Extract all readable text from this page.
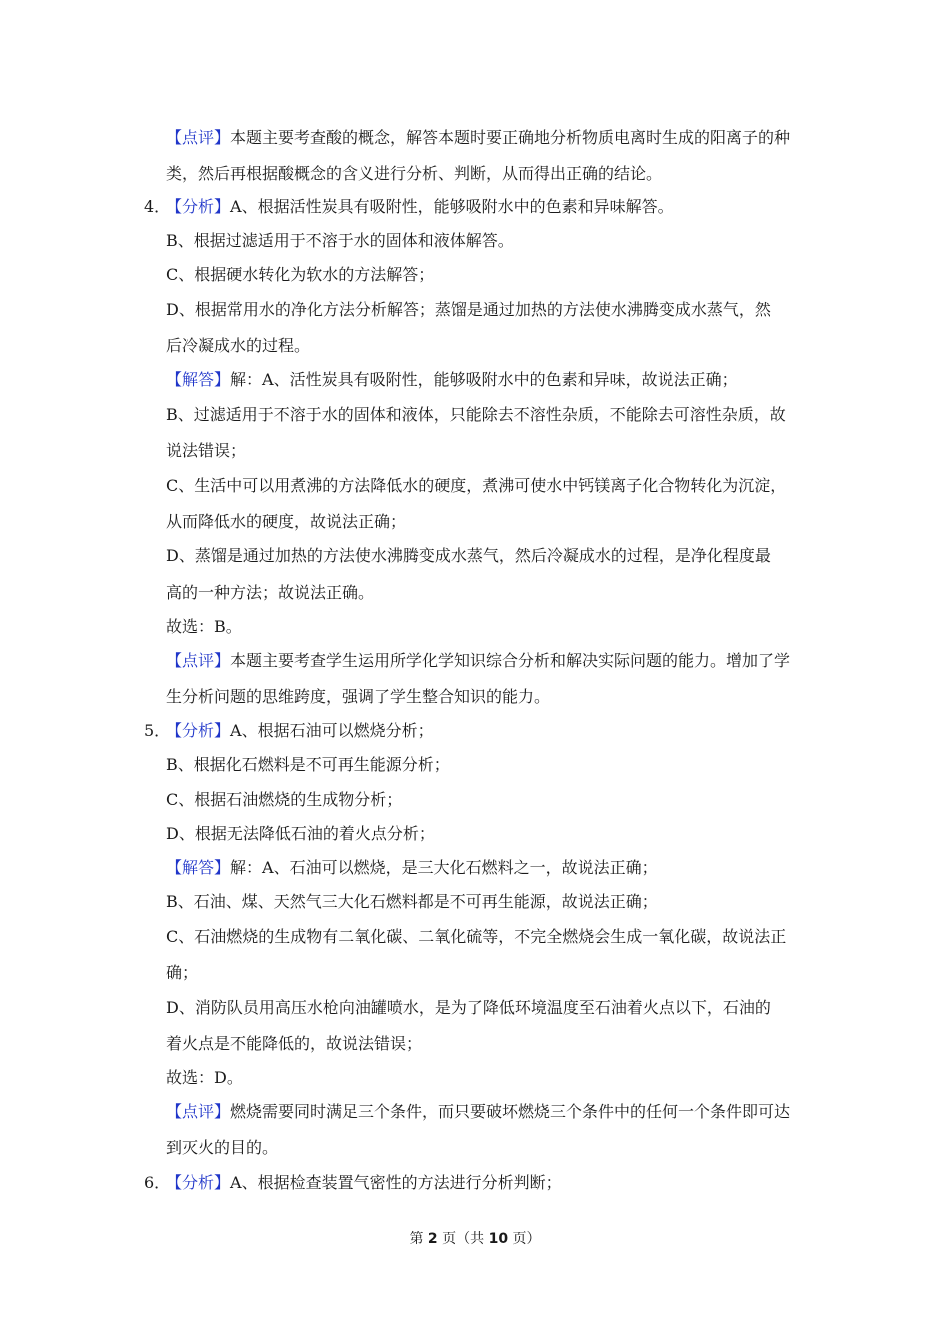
【点评】本题主要考查酸的概念，解答本题时要正确地分析物质电离时生成的阳离子的种
类，然后再根据酸概念的含义进行分析、判断，从而得出正确的结论。
4．
【分析】A、根据活性炭具有吸附性，能够吸附水中的色素和异味解答。
B、根据过滤适用于不溶于水的固体和液体解答。
C、根据硬水转化为软水的方法解答；
D、根据常用水的净化方法分析解答；蒸馏是通过加热的方法使水沸腾变成水蒸气，然
后冷凝成水的过程。
【解答】解：A、活性炭具有吸附性，能够吸附水中的色素和异味，故说法正确；
B、过滤适用于不溶于水的固体和液体，只能除去不溶性杂质，不能除去可溶性杂质，故
说法错误；
C、生活中可以用煮沸的方法降低水的硬度，煮沸可使水中钙镁离子化合物转化为沉淀，
从而降低水的硬度，故说法正确；
D、蒸馏是通过加热的方法使水沸腾变成水蒸气，然后冷凝成水的过程，是净化程度最
高的一种方法；故说法正确。
故选：B。
【点评】本题主要考查学生运用所学化学知识综合分析和解决实际问题的能力。增加了学
生分析问题的思维跨度，强调了学生整合知识的能力。
5．
【分析】A、根据石油可以燃烧分析；
B、根据化石燃料是不可再生能源分析；
C、根据石油燃烧的生成物分析；
D、根据无法降低石油的着火点分析；
【解答】解：A、石油可以燃烧，是三大化石燃料之一，故说法正确；
B、石油、煤、天然气三大化石燃料都是不可再生能源，故说法正确；
C、石油燃烧的生成物有二氧化碳、二氧化硫等，不完全燃烧会生成一氧化碳，故说法正
确；
D、消防队员用高压水枪向油罐喷水，是为了降低环境温度至石油着火点以下，石油的
着火点是不能降低的，故说法错误；
故选：D。
【点评】燃烧需要同时满足三个条件，而只要破坏燃烧三个条件中的任何一个条件即可达
到灭火的目的。
6．
【分析】A、根据检查装置气密性的方法进行分析判断；
第 2 页（共 10 页）
